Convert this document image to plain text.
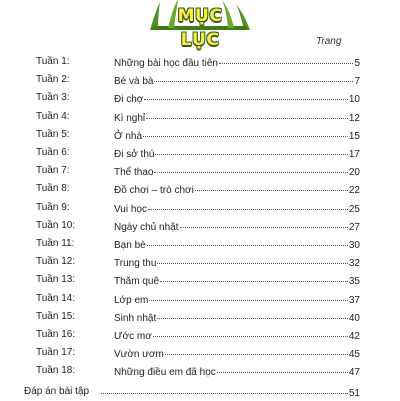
MỤC LỤC	Trang
Tuần 1:	Những bài học đầu tiên	5
Tuần 2:	Bé và bà	7
Tuần 3:	Đi chợ	10
Tuần 4:	Kì nghỉ	12
Tuần 5:	Ở nhà	15
Tuần 6:	Đi sở thú	17
Tuần 7:	Thể thao	20
Tuần 8:	Đồ chơi – trò chơi	22
Tuần 9:	Vui học	25
Tuần 10:	Ngày chủ nhật	27
Tuần 11:	Bạn bè	30
Tuần 12:	Trung thu	32
Tuần 13:	Thăm quê	35
Tuần 14:	Lớp em	37
Tuần 15:	Sinh nhật	40
Tuần 16:	Ước mơ	42
Tuần 17:	Vườn ươm	45
Tuần 18:	Những điều em đã học	47
Đáp án bài tập	51
